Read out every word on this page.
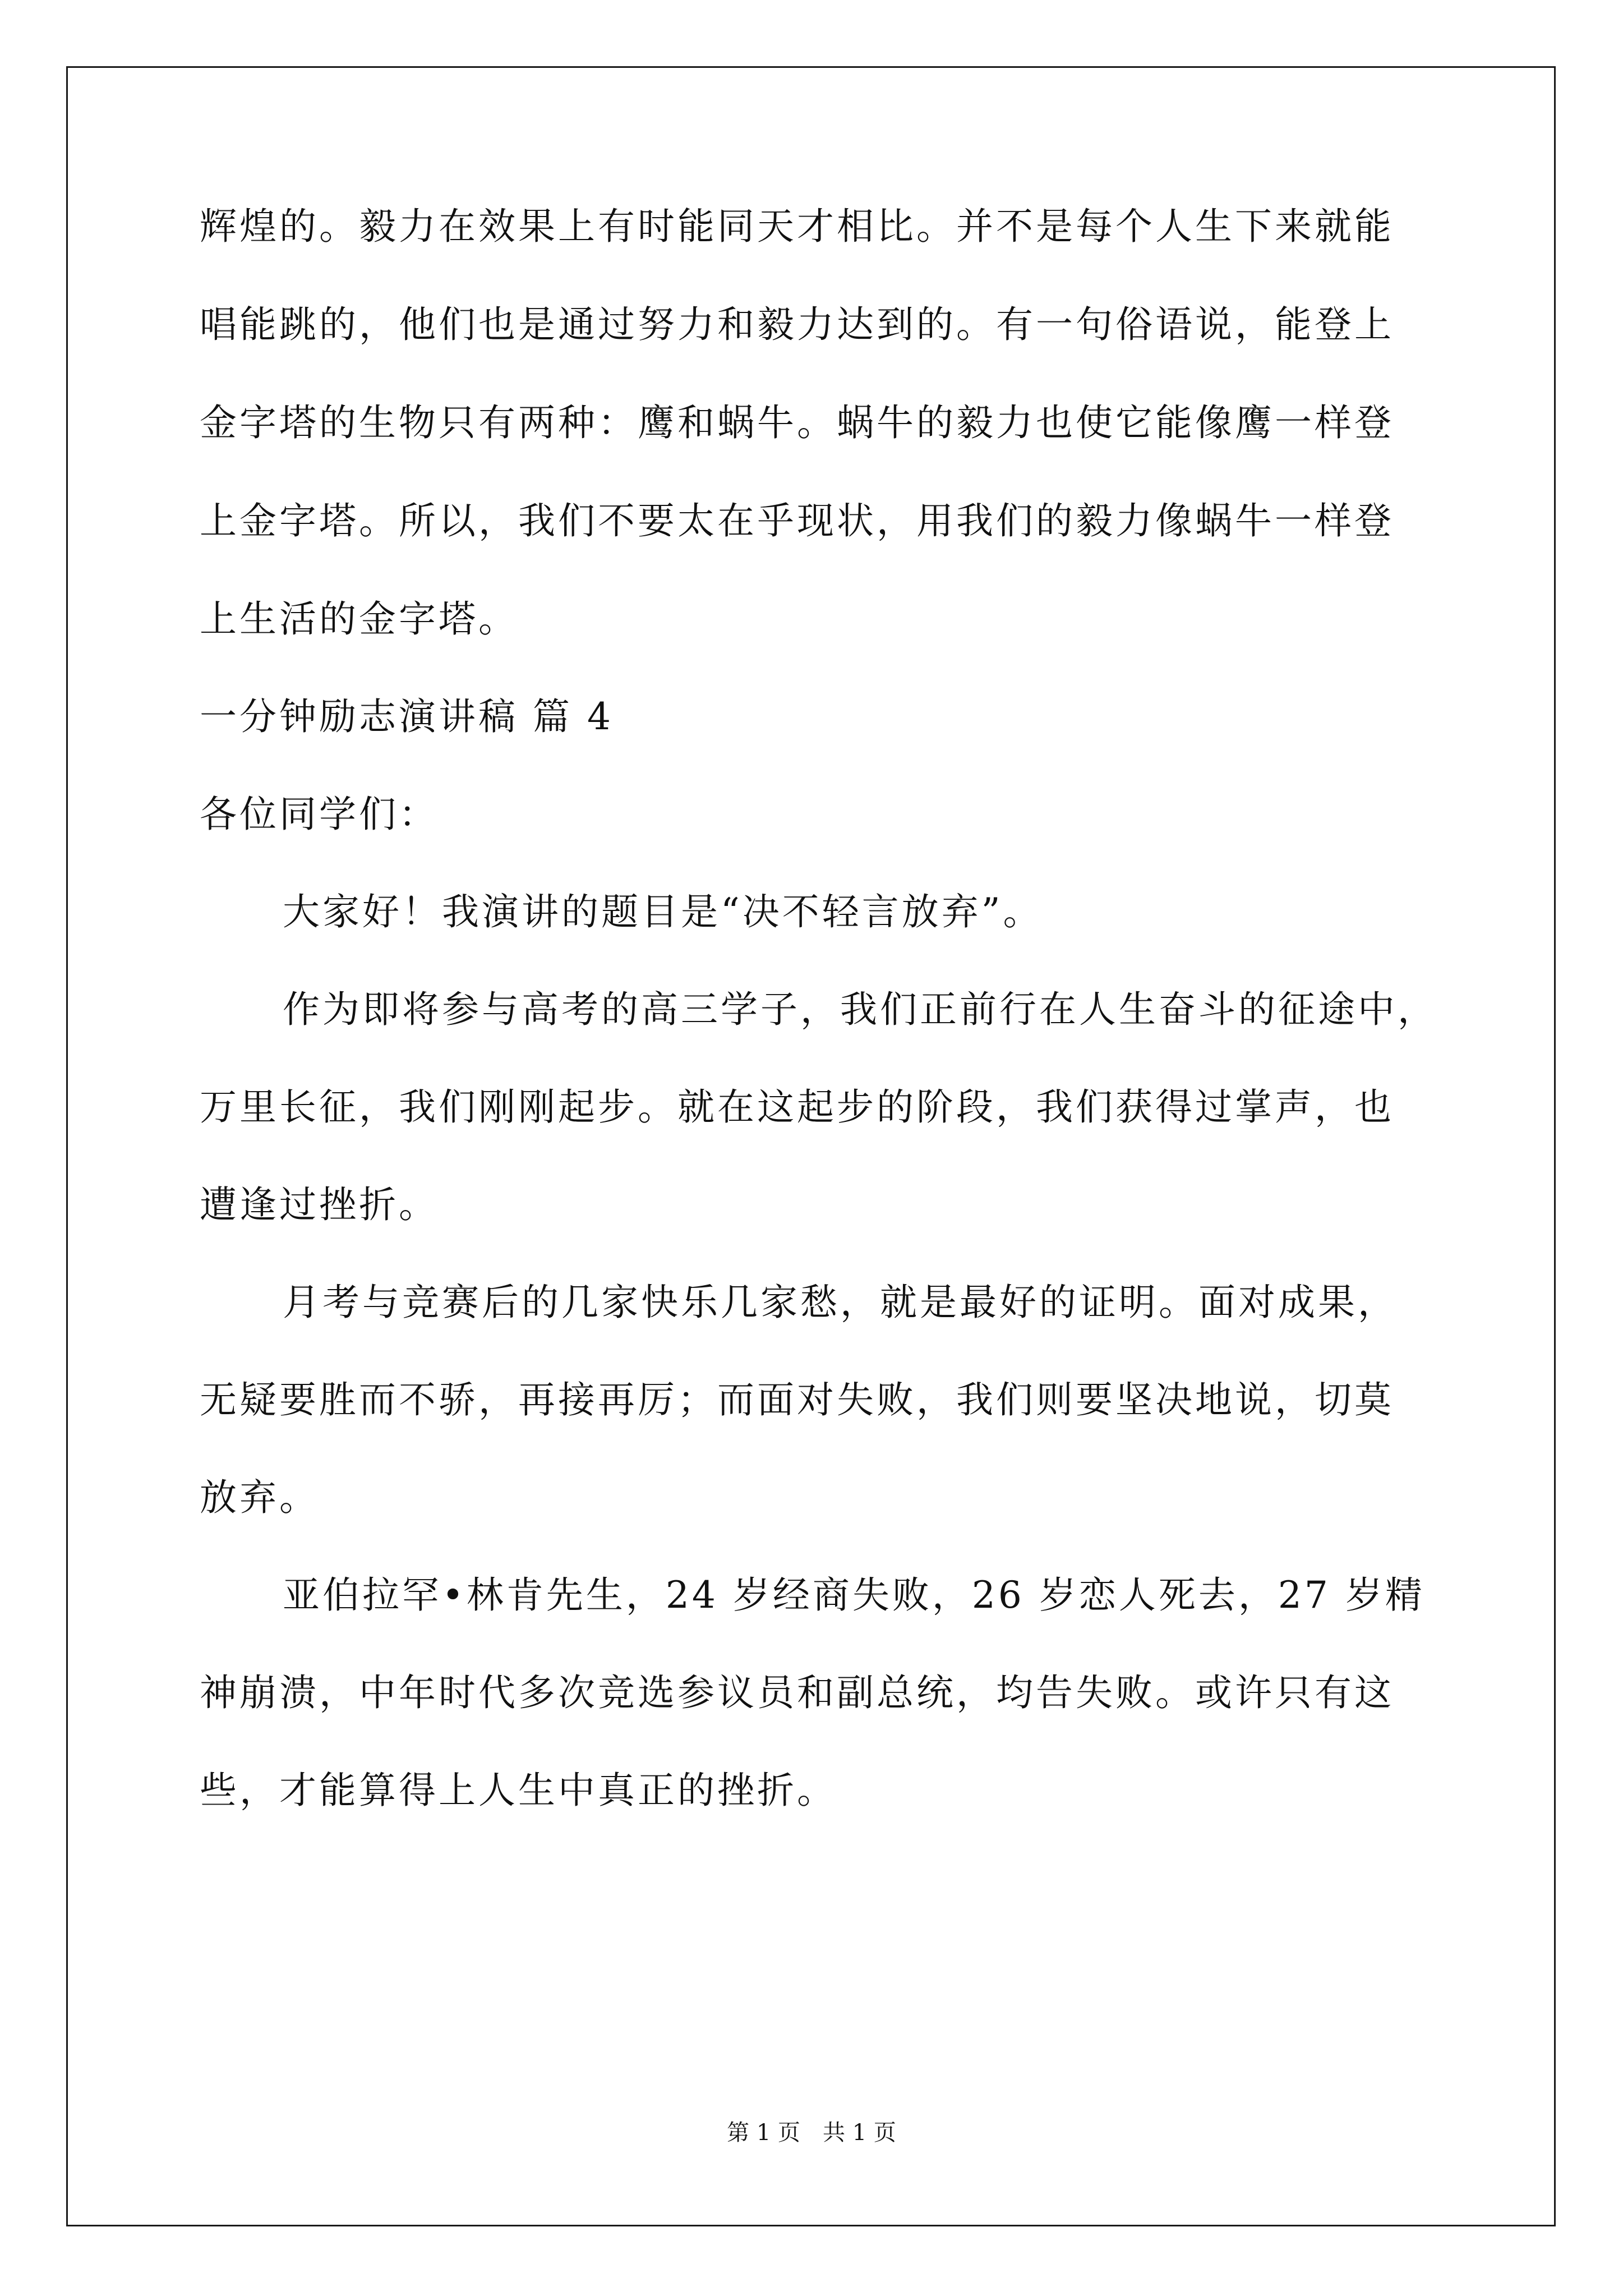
辉煌的。毅力在效果上有时能同天才相比。并不是每个人生下来就能
唱能跳的，他们也是通过努力和毅力达到的。有一句俗语说，能登上
金字塔的生物只有两种：鹰和蜗牛。蜗牛的毅力也使它能像鹰一样登
上金字塔。所以，我们不要太在乎现状，用我们的毅力像蜗牛一样登
上生活的金字塔。
一分钟励志演讲稿 篇 4
各位同学们：
大家好！我演讲的题目是“决不轻言放弃”。
作为即将参与高考的高三学子，我们正前行在人生奋斗的征途中，
万里长征，我们刚刚起步。就在这起步的阶段，我们获得过掌声，也
遭逢过挫折。
月考与竞赛后的几家快乐几家愁，就是最好的证明。面对成果，
无疑要胜而不骄，再接再厉；而面对失败，我们则要坚决地说，切莫
放弃。
亚伯拉罕•林肯先生，24 岁经商失败，26 岁恋人死去，27 岁精
神崩溃，中年时代多次竞选参议员和副总统，均告失败。或许只有这
些，才能算得上人生中真正的挫折。
第 1 页　共 1 页
